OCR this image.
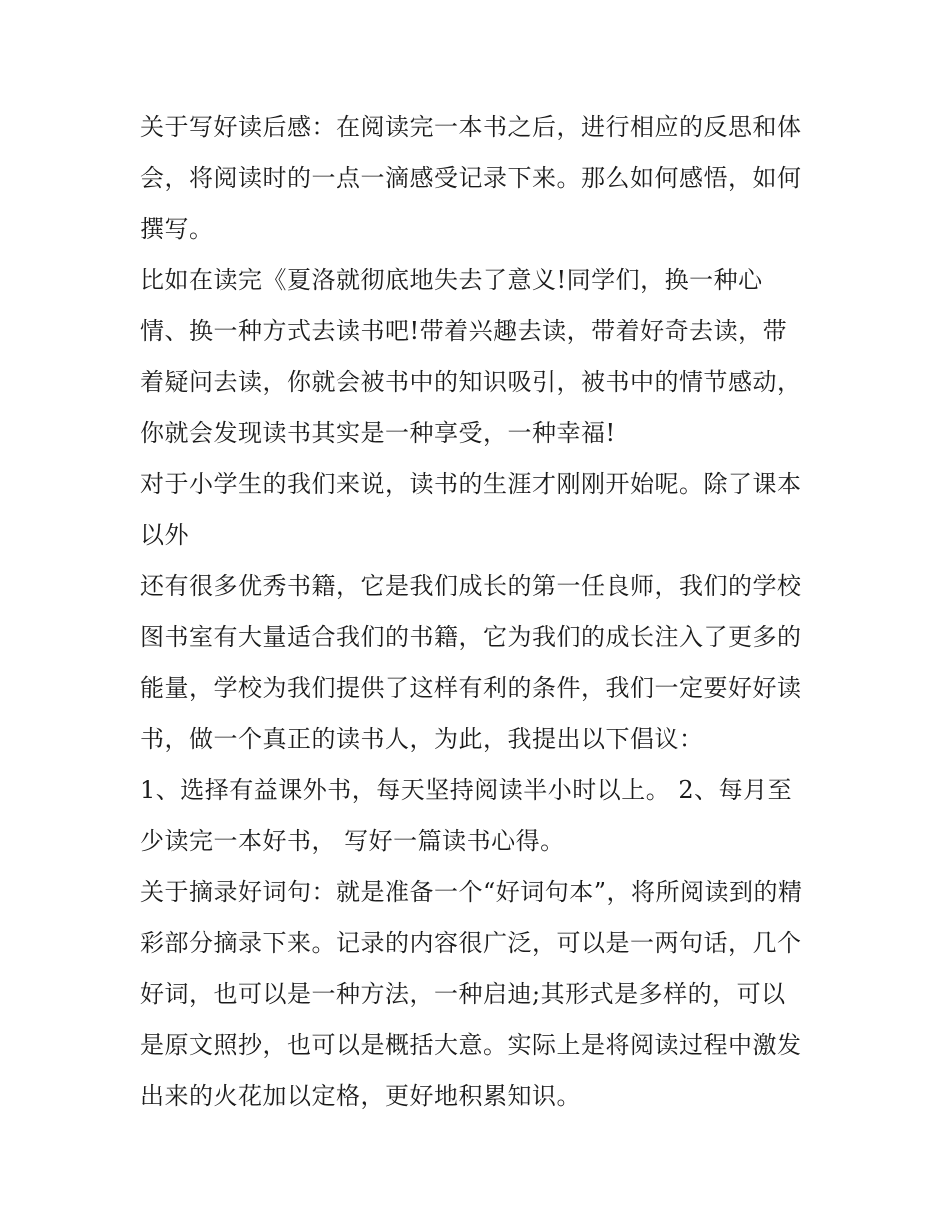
关于写好读后感：在阅读完一本书之后，进行相应的反思和体
会，将阅读时的一点一滴感受记录下来。那么如何感悟，如何
撰写。
比如在读完《夏洛就彻底地失去了意义!同学们，换一种心
情、换一种方式去读书吧!带着兴趣去读，带着好奇去读，带
着疑问去读，你就会被书中的知识吸引，被书中的情节感动，
你就会发现读书其实是一种享受，一种幸福!
对于小学生的我们来说，读书的生涯才刚刚开始呢。除了课本
以外
还有很多优秀书籍，它是我们成长的第一任良师，我们的学校
图书室有大量适合我们的书籍，它为我们的成长注入了更多的
能量，学校为我们提供了这样有利的条件，我们一定要好好读
书，做一个真正的读书人，为此，我提出以下倡议：
1、选择有益课外书，每天坚持阅读半小时以上。 2、每月至
少读完一本好书， 写好一篇读书心得。
关于摘录好词句：就是准备一个“好词句本”，将所阅读到的精
彩部分摘录下来。记录的内容很广泛，可以是一两句话，几个
好词，也可以是一种方法，一种启迪;其形式是多样的，可以
是原文照抄，也可以是概括大意。实际上是将阅读过程中激发
出来的火花加以定格，更好地积累知识。
